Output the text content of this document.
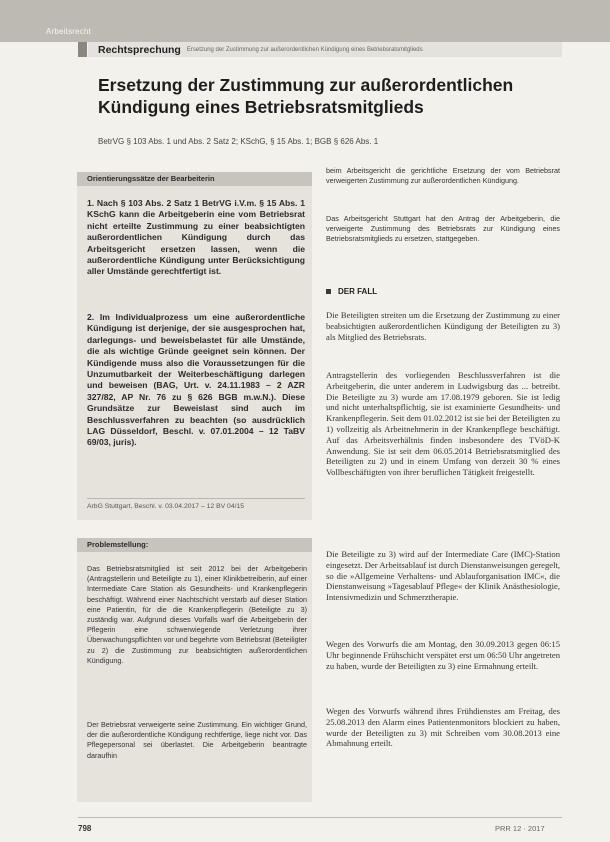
Arbeitsrecht
Rechtsprechung	Ersetzung der Zustimmung zur außerordentlichen Kündigung eines Betriebsratsmitglieds
Ersetzung der Zustimmung zur außerordentlichen Kündigung eines Betriebsratsmitglieds
BetrVG § 103 Abs. 1 und Abs. 2 Satz 2; KSchG, § 15 Abs. 1; BGB § 626 Abs. 1
Orientierungssätze der Bearbeiterin

1. Nach § 103 Abs. 2 Satz 1 BetrVG i.V.m. § 15 Abs. 1 KSchG kann die Arbeitgeberin eine vom Betriebsrat nicht erteilte Zustimmung zu einer beabsichtigten außerordentlichen Kündigung durch das Arbeitsgericht ersetzen lassen, wenn die außerordentliche Kündigung unter Berücksichtigung aller Umstände gerechtfertigt ist.

2. Im Individualprozess um eine außerordentliche Kündigung ist derjenige, der sie ausgesprochen hat, darlegungs- und beweisbelastet für alle Umstände, die als wichtige Gründe geeignet sein können. Der Kündigende muss also die Voraussetzungen für die Unzumutbarkeit der Weiterbeschäftigung darlegen und beweisen (BAG, Urt. v. 24.11.1983 – 2 AZR 327/82, AP Nr. 76 zu § 626 BGB m.w.N.). Diese Grundsätze zur Beweislast sind auch im Beschlussverfahren zu beachten (so ausdrücklich LAG Düsseldorf, Beschl. v. 07.01.2004 – 12 TaBV 69/03, juris).

ArbG Stuttgart, Beschl. v. 03.04.2017 – 12 BV 04/15
Problemstellung:

Das Betriebsratsmitglied ist seit 2012 bei der Arbeitgeberin (Antragstellerin und Beteiligte zu 1), einer Klinikbetreiberin, auf einer Intermediate Care Station als Gesundheits- und Krankenpflegerin beschäftigt. Während einer Nachtschicht verstarb auf dieser Station eine Patientin, für die die Krankenpflegerin (Beteiligte zu 3) zuständig war. Aufgrund dieses Vorfalls warf die Arbeitgeberin der Pflegerin eine schwerwiegende Verletzung ihrer Überwachungspflichten vor und begehrte vom Betriebsrat (Beteiligter zu 2) die Zustimmung zur beabsichtigten außerordentlichen Kündigung.

Der Betriebsrat verweigerte seine Zustimmung. Ein wichtiger Grund, der die außerordentliche Kündigung rechtfertige, liege nicht vor. Das Pflegepersonal sei überlastet. Die Arbeitgeberin beantragte daraufhin

beim Arbeitsgericht die gerichtliche Ersetzung der vom Betriebsrat verweigerten Zustimmung zur außerordentlichen Kündigung.

Das Arbeitsgericht Stuttgart hat den Antrag der Arbeitgeberin, die verweigerte Zustimmung des Betriebsrats zur Kündigung eines Betriebsratsmitglieds zu ersetzen, stattgegeben.

DER FALL

Die Beteiligten streiten um die Ersetzung der Zustimmung zu einer beabsichtigten außerordentlichen Kündigung der Beteiligten zu 3) als Mitglied des Betriebsrats.

Antragstellerin des vorliegenden Beschlussverfahren ist die Arbeitgeberin, die unter anderem in Ludwigsburg das ... betreibt. Die Beteiligte zu 3) wurde am 17.08.1979 geboren. Sie ist ledig und nicht unterhaltspflichtig, sie ist examinierte Gesundheits- und Krankenpflegerin. Seit dem 01.02.2012 ist sie bei der Beteiligten zu 1) vollzeitig als Arbeitnehmerin in der Krankenpflege beschäftigt. Auf das Arbeitsverhältnis finden insbesondere des TVöD-K Anwendung. Sie ist seit dem 06.05.2014 Betriebsratsmitglied des Beteiligten zu 2) und in einem Umfang von derzeit 30 % eines Vollbeschäftigten von ihrer beruflichen Tätigkeit freigestellt.

Die Beteiligte zu 3) wird auf der Intermediate Care (IMC)-Station eingesetzt. Der Arbeitsablauf ist durch Dienstanweisungen geregelt, so die »Allgemeine Verhaltens- und Ablauforganisation IMC«, die Dienstanweisung »Tagesablauf Pflege« der Klinik Anästhesiologie, Intensivmedizin und Schmerztherapie.

Wegen des Vorwurfs die am Montag, den 30.09.2013 gegen 06:15 Uhr beginnende Frühschicht verspätet erst um 06:50 Uhr angetreten zu haben, wurde der Beteiligten zu 3) eine Ermahnung erteilt.

Wegen des Vorwurfs während ihres Frühdienstes am Freitag, des 25.08.2013 den Alarm eines Patientenmonitors blockiert zu haben, wurde der Beteiligten zu 3) mit Schreiben vom 30.08.2013 eine Abmahnung erteilt.

798	PRR 12 · 2017
